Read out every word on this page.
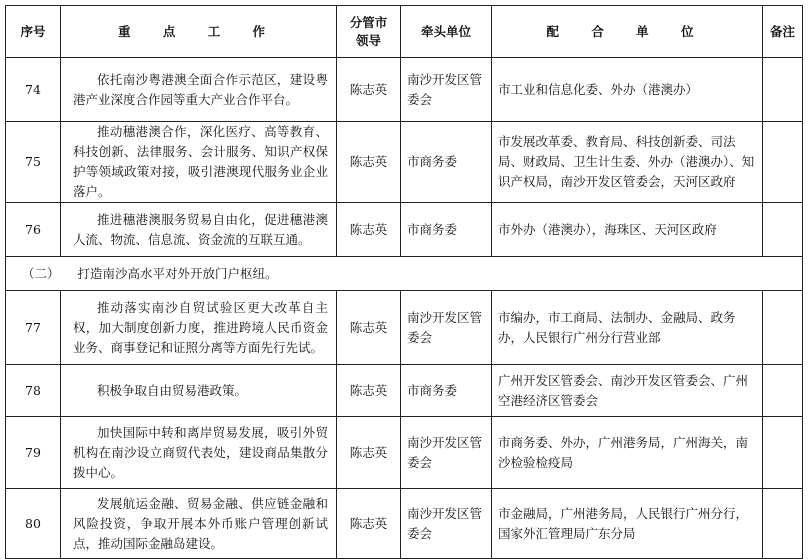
序号	重 点 工 作	分管市领导	牵头单位	配 合 单 位	备注
74	依托南沙粤港澳全面合作示范区，建设粤港产业深度合作园等重大产业合作平台。	陈志英	南沙开发区管委会	市工业和信息化委、外办（港澳办）	
75	推动穗港澳合作，深化医疗、高等教育、科技创新、法律服务、会计服务、知识产权保护等领域政策对接，吸引港澳现代服务业企业落户。	陈志英	市商务委	市发展改革委、教育局、科技创新委、司法局、财政局、卫生计生委、外办（港澳办）、知识产权局，南沙开发区管委会，天河区政府	
76	推进穗港澳服务贸易自由化，促进穗港澳人流、物流、信息流、资金流的互联互通。	陈志英	市商务委	市外办（港澳办），海珠区、天河区政府	
（二） 打造南沙高水平对外开放门户枢纽。					
77	推动落实南沙自贸试验区更大改革自主权，加大制度创新力度，推进跨境人民币资金业务、商事登记和证照分离等方面先行先试。	陈志英	南沙开发区管委会	市编办，市工商局、法制办、金融局、政务办，人民银行广州分行营业部	
78	积极争取自由贸易港政策。	陈志英	市商务委	广州开发区管委会、南沙开发区管委会、广州空港经济区管委会	
79	加快国际中转和离岸贸易发展，吸引外贸机构在南沙设立商贸代表处，建设商品集散分拨中心。	陈志英	南沙开发区管委会	市商务委、外办，广州港务局，广州海关，南沙检验检疫局	
80	发展航运金融、贸易金融、供应链金融和风险投资，争取开展本外币账户管理创新试点，推动国际金融岛建设。	陈志英	南沙开发区管委会	市金融局，广州港务局，人民银行广州分行，国家外汇管理局广东分局	
